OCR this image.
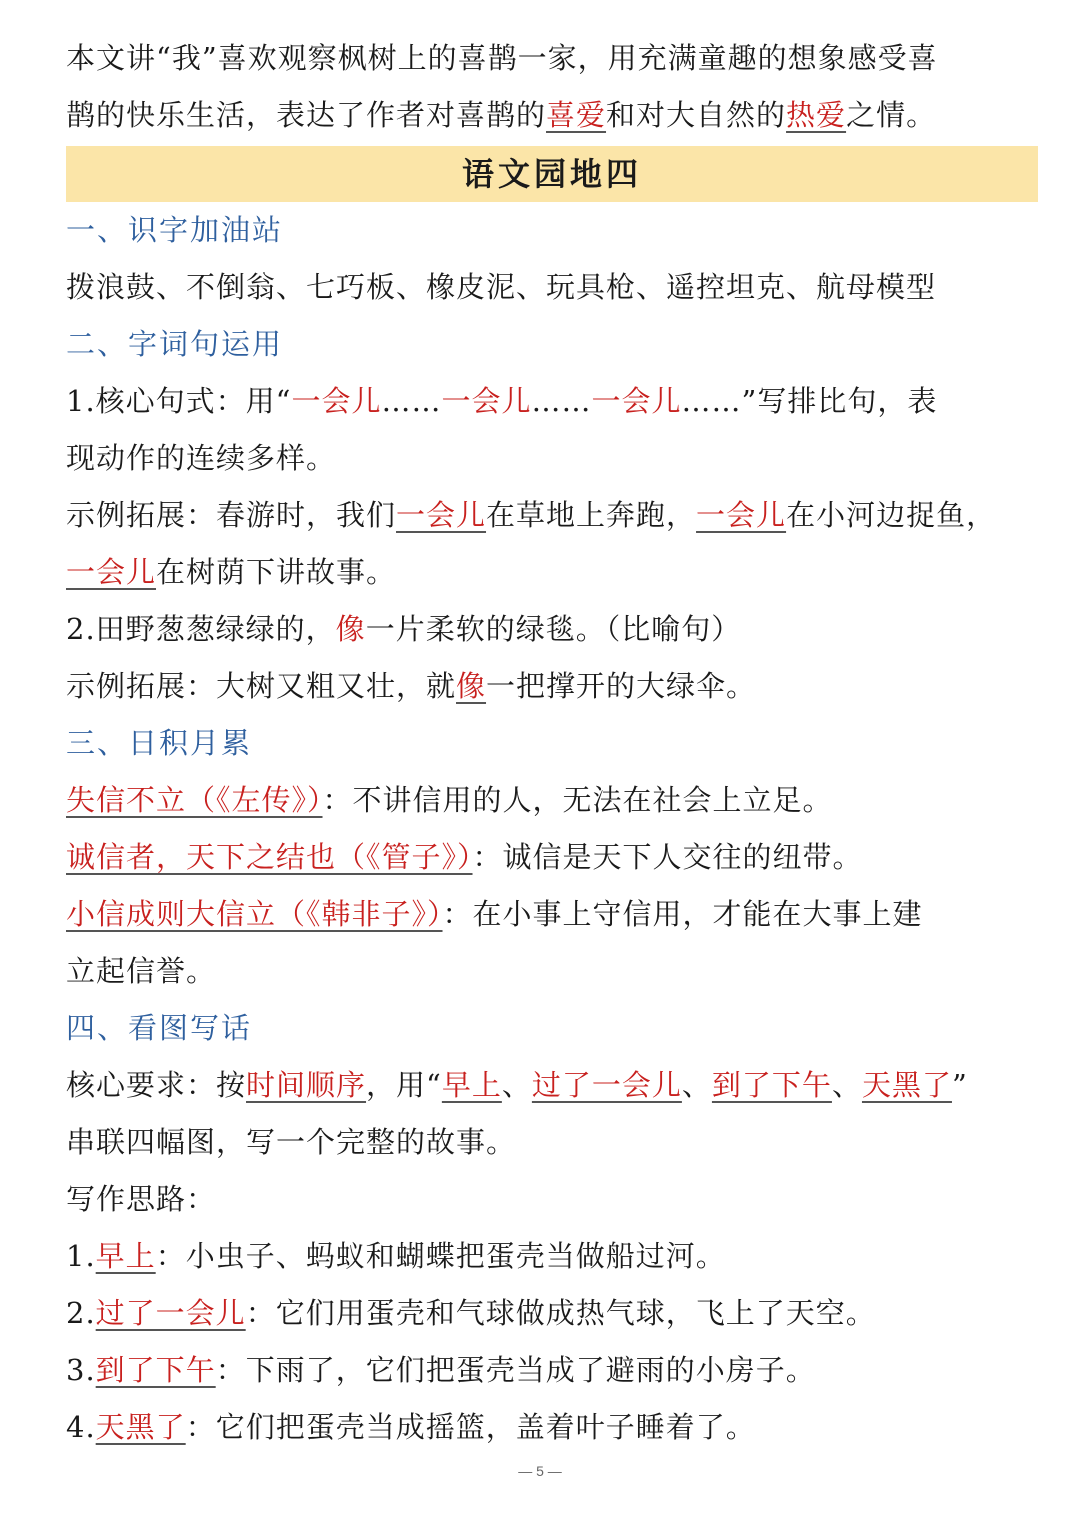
本文讲“我”喜欢观察枫树上的喜鹊一家，用充满童趣的想象感受喜
鹊的快乐生活，表达了作者对喜鹊的喜爱和对大自然的热爱之情。
语文园地四
一、识字加油站
拨浪鼓、不倒翁、七巧板、橡皮泥、玩具枪、遥控坦克、航母模型
二、字词句运用
1.核心句式：用“一会儿……一会儿……一会儿……”写排比句，表
现动作的连续多样。
示例拓展：春游时，我们一会儿在草地上奔跑，一会儿在小河边捉鱼，
一会儿在树荫下讲故事。
2.田野葱葱绿绿的，像一片柔软的绿毯。（比喻句）
示例拓展：大树又粗又壮，就像一把撑开的大绿伞。
三、日积月累
失信不立（《左传》）：不讲信用的人，无法在社会上立足。
诚信者，天下之结也（《管子》）：诚信是天下人交往的纽带。
小信成则大信立（《韩非子》）：在小事上守信用，才能在大事上建
立起信誉。
四、看图写话
核心要求：按时间顺序，用“早上、过了一会儿、到了下午、天黑了”
串联四幅图，写一个完整的故事。
写作思路：
1.早上：小虫子、蚂蚁和蝴蝶把蛋壳当做船过河。
2.过了一会儿：它们用蛋壳和气球做成热气球，飞上了天空。
3.到了下午：下雨了，它们把蛋壳当成了避雨的小房子。
4.天黑了：它们把蛋壳当成摇篮，盖着叶子睡着了。
— 5 —
